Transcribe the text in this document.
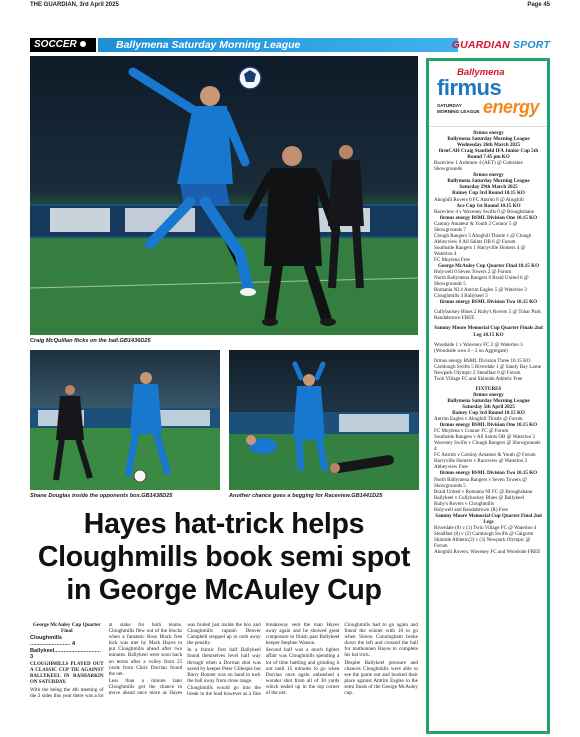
THE GUARDIAN, 3rd April 2025	Page 45
SOCCER	Ballymena Saturday Morning League	GUARDIAN SPORT
Craig McQuillan flicks on the ball.GB1436D25
Shane Douglas inside the opponents box.GB1438D25	Another chance goes a begging for Raceview.GB1441D25
Hayes hat-trick helps
Cloughmills book semi spot
in George McAuley Cup

George McAuley Cup Quarter Final

Cloughmills .......................... 4

Ballykeel.............................. 3

CLOUGHMILLS PLAYED OUT A CLASSIC CUP TIE AGAINST BALLYKEEL IN RASHARKIN ON SATURDAY.

With the being the 4th meeting of the 2 sides this year there was a lot at stake for both teams. Cloughmills flew out of the blocks when a fantastic Ross Black free kick was met by Mark Hayes to put Cloughmills ahead after two minutes. Ballykeel were soon back on terms after a volley from 25 yards from Chris Dorrian found the net.

Less than a minute later Cloughmills got the chance to move ahead once more as Hayes was fouled just inside the box and Cloughmills captain Denver Campbell stepped up to rush away the penalty.

In a frantic first half Ballykeel found themselves level half way through when a Dorrian shot was saved by keeper Peter Gillespie but Barry Bonner was on hand to tuck the ball away from close range.

Cloughmills would go into the break in the lead however as a fine breakaway sent the man Hayes away again and he showed great composure to finish past Ballykeel keeper Stephen Watson.

Second half was a much tighter affair was Cloughmills spending a lot of time battling and grinding it out until 15 minutes to go when Dorrian once again unleashed a wonder shot from all of 30 yards which ended up in the top corner of the net.

Cloughmills had to go again and found the winner with 10 to go when Simon Cunningham broke down the left and crossed the ball for muthonnen Hayes to complete his hat trick.

Despite Ballykeel pressure and chances Cloughmills were able to see the game out and booked their place against Antrim Eagles in the semi finals of the George McAuley cup.

Ballymena
firmus
SATURDAY
MORNING LEAGUE energy

firmus energy

Ballymena Saturday Morning League

Wednesday 26th March 2025

firmCAH Craig Stanfield IFA Junior Cup 5th Round 7.45 pm KO

Raceview 1 Ardmore 4 (AET) @ Coleraine Showgrounds

firmus energy

Ballymena Saturday Morning League

Saturday 29th March 2025

Rainey Cup 3rd Round 10.15 KO

Ahoghill Rovers 0 FC Antrim 8 @ Ahoghill

Ace Cup 1st Round 10.15 KO

Raceview 4 v Waveney Swifts 0 @ Broughshane

firmus energy BSML Division One 10.15 KO

Cannny Amateur & Youth 2 Connor 5 @ Showgrounds 7

Clough Rangers 5 Ahoghill Thistle 1 @ Clough

Abbeyview 0 All Saints OB 6 @ Forum

Southside Rangers 1 Harryville Homers 4 @ Waterloo 4

FC Moylena Free

George McAuley Cup Quarter Final 10.15 KO

Holywell 0 Seven Towers 2 @ Forum

North Ballymena Rangers 0 Braid United 6 @ Showgrounds 5

Romania NI 4 Antrim Eagles 5 @ Waterloo 3

Cloughmills 4 Ballykeel 3

firmus energy BSML Division Two 10.15 KO

Cullybackey Blues 2 Ruby's Rovers 5 @ Tobar Park

Randalstown FREE

Sammy Moore Memorial Cup Quarter Finals 2nd Leg 10.15 KO

Woodside 1 v Waveney FC 2 @ Waterloo 3

(Woodside won 4 – 2 on Aggregate)

firmus energy BSML Division Three 10.15 KO

Carnlough Swifts 5 Riverdale 1 @ Sandy Bay Larne

Newpark Olympic 2 Stendfast 0 @ Forum

Twin Village FC and Skimide Athletic Free

FIXTURES

firmus energy

Ballymena Saturday Morning League

Saturday 5th April 2025

Rainey Cup 3rd Round 10.15 KO

Antrim Eagles v Ahoghill Thistle @ Forum

firmus energy BSML Division One 10.15 KO

FC Moylena v Connor FC @ Forum

Southside Rangers v All Saints OB @ Waterloo 3

Waveney Swifts v Clough Rangers @ Showgrounds 4

FC Antrim v Carniny Amateur & Youth @ Forum

Harryville Homers v Raceview @ Waterloo 3

Abbeyview Free

firmus energy BSML Division Two 10.15 KO

North Ballymena Rangers v Seven Towers @ Showgrounds 5

Braid United v Romania NI FC @ Broughshane

Ballykeel v Cullybackey Blues @ Ballykeel

Ruby's Rovers v Cloughmills

Holywell and Randalstown (R) Free

Sammy Moore Memorial Cup Quarter Final 2nd Legs

Riverdale (0) v (1) Twin Village FC @ Waterloo 4

Steadfast (0) v (2) Carnlough Swifts @ Galgorm

Skimide Athletic(2) v (3) Newpark Olympic @ Forum

Ahoghill Rovers, Waveney FC and Woodside FREE
